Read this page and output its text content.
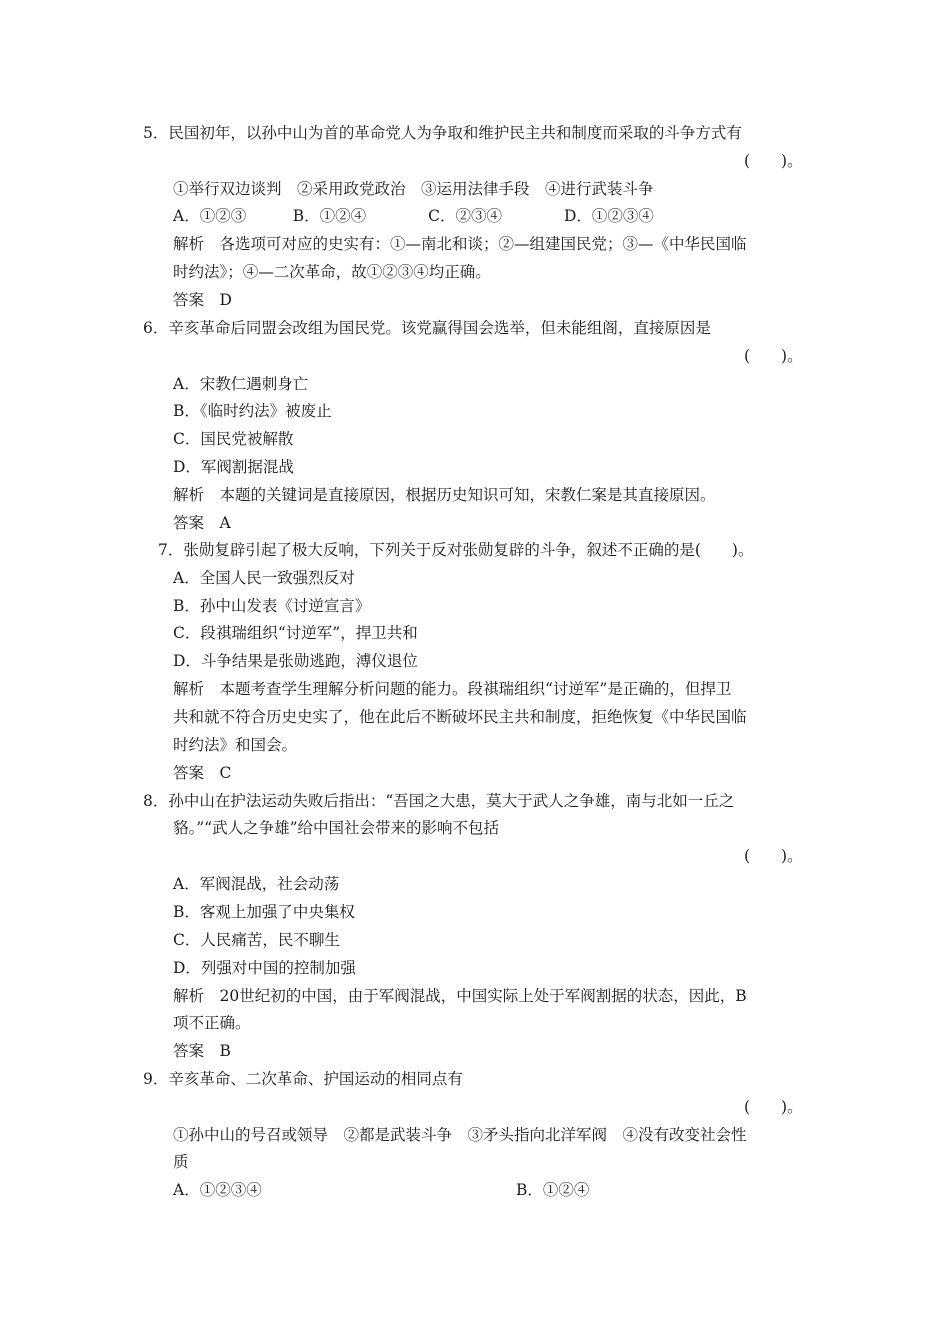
5．民国初年，以孙中山为首的革命党人为争取和维护民主共和制度而采取的斗争方式有
(　　)。
①举行双边谈判　②采用政党政治　③运用法律手段　④进行武装斗争
A．①②③　　　B．①②④　　　　C．②③④　　　　D．①②③④
解析　各选项可对应的史实有：①—南北和谈；②—组建国民党；③—《中华民国临
时约法》；④—二次革命，故①②③④均正确。
答案　D
6．辛亥革命后同盟会改组为国民党。该党赢得国会选举，但未能组阁，直接原因是
(　　)。
A．宋教仁遇刺身亡
B．《临时约法》被废止
C．国民党被解散
D．军阀割据混战
解析　本题的关键词是直接原因，根据历史知识可知，宋教仁案是其直接原因。
答案　A
7．张勋复辟引起了极大反响，下列关于反对张勋复辟的斗争，叙述不正确的是(　　)。
A．全国人民一致强烈反对
B．孙中山发表《讨逆宣言》
C．段祺瑞组织“讨逆军”，捍卫共和
D．斗争结果是张勋逃跑，溥仪退位
解析　本题考查学生理解分析问题的能力。段祺瑞组织“讨逆军”是正确的，但捍卫
共和就不符合历史史实了，他在此后不断破坏民主共和制度，拒绝恢复《中华民国临
时约法》和国会。
答案　C
8．孙中山在护法运动失败后指出：“吾国之大患，莫大于武人之争雄，南与北如一丘之
貉。”“武人之争雄”给中国社会带来的影响不包括
(　　)。
A．军阀混战，社会动荡
B．客观上加强了中央集权
C．人民痛苦，民不聊生
D．列强对中国的控制加强
解析　20世纪初的中国，由于军阀混战，中国实际上处于军阀割据的状态，因此，B
项不正确。
答案　B
9．辛亥革命、二次革命、护国运动的相同点有
(　　)。
①孙中山的号召或领导　②都是武装斗争　③矛头指向北洋军阀　④没有改变社会性
质
A．①②③④	B．①②④
